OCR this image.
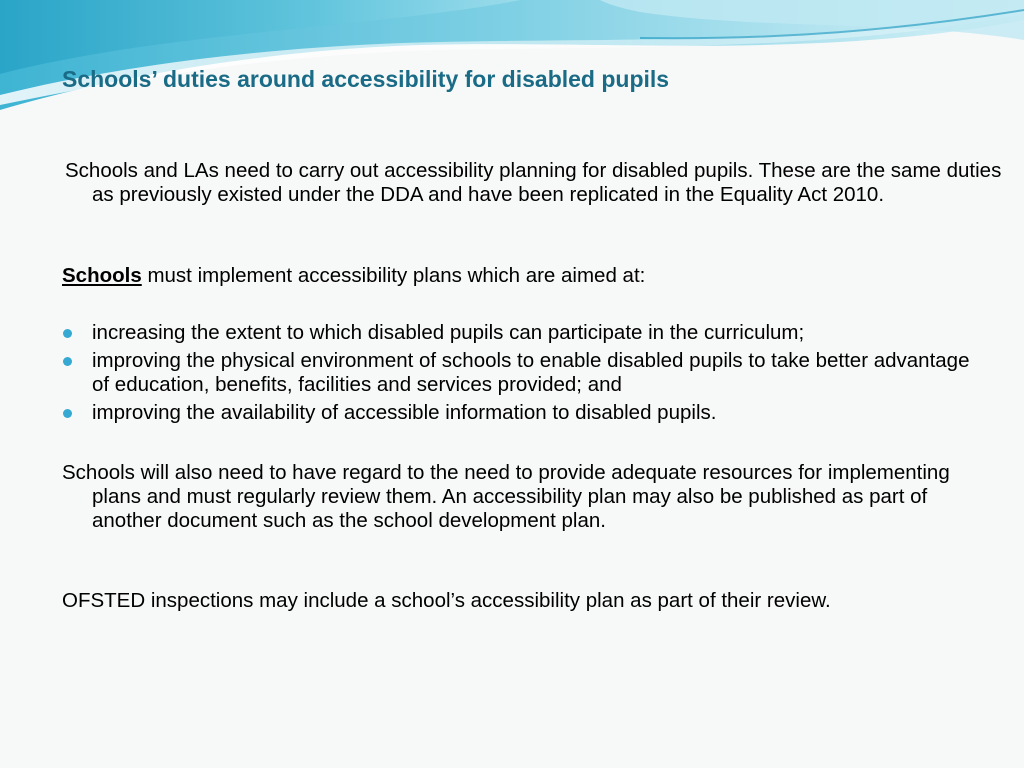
Schools’ duties around accessibility for disabled pupils

Schools and LAs need to carry out accessibility planning for disabled pupils. These are the same duties as previously existed under the DDA and have been replicated in the Equality Act 2010.

Schools must implement accessibility plans which are aimed at:

increasing the extent to which disabled pupils can participate in the curriculum;
improving the physical environment of schools to enable disabled pupils to take better advantage of education, benefits, facilities and services provided; and
improving the availability of accessible information to disabled pupils.

Schools will also need to have regard to the need to provide adequate resources for implementing plans and must regularly review them. An accessibility plan may also be published as part of another document such as the school development plan.

OFSTED inspections may include a school’s accessibility plan as part of their review.
